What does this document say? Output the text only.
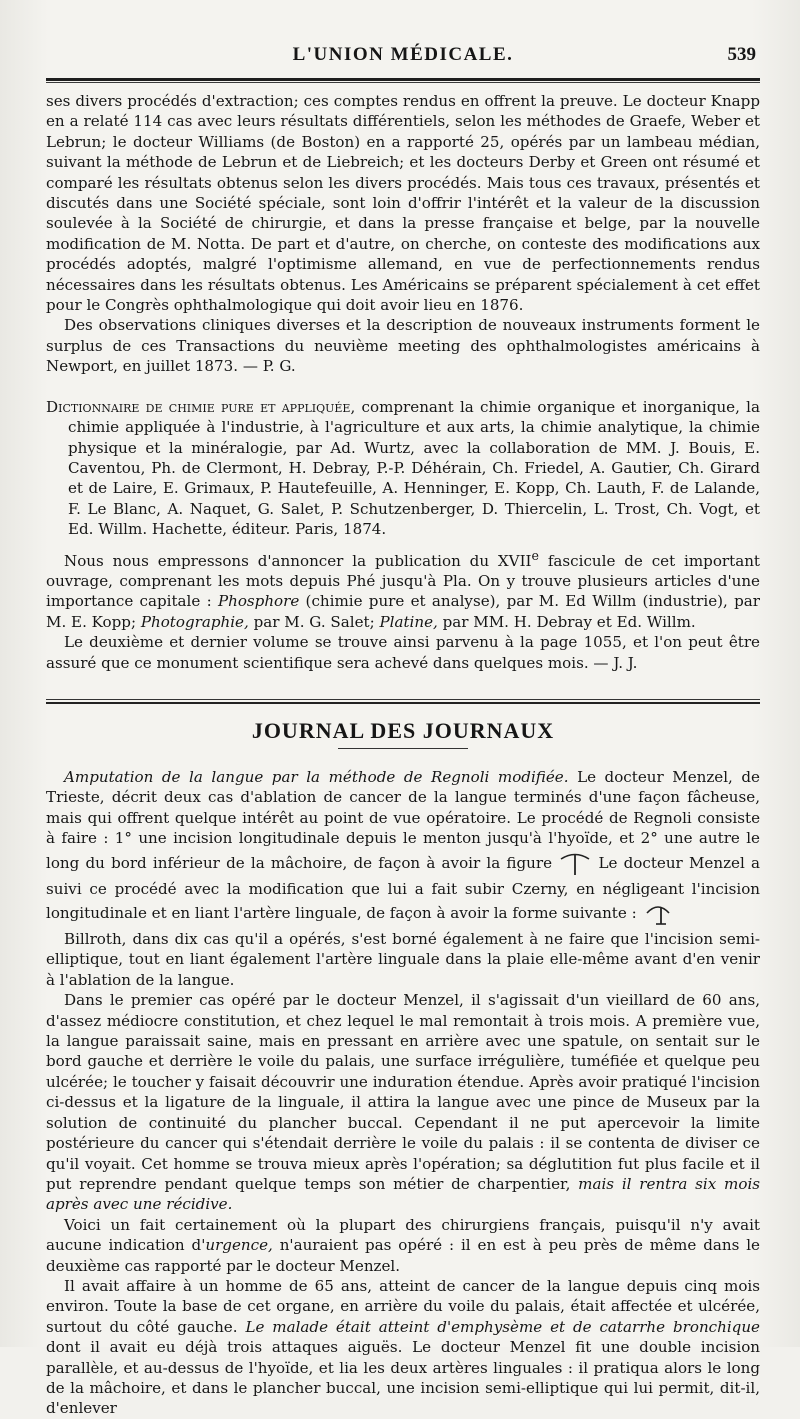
L'UNION MÉDICALE.	539

ses divers procédés d'extraction; ces comptes rendus en offrent la preuve. Le docteur Knapp en a relaté 114 cas avec leurs résultats différentiels, selon les méthodes de Graefe, Weber et Lebrun; le docteur Williams (de Boston) en a rapporté 25, opérés par un lambeau médian, suivant la méthode de Lebrun et de Liebreich; et les docteurs Derby et Green ont résumé et comparé les résultats obtenus selon les divers procédés. Mais tous ces travaux, présentés et discutés dans une Société spéciale, sont loin d'offrir l'intérêt et la valeur de la discussion soulevée à la Société de chirurgie, et dans la presse française et belge, par la nouvelle modification de M. Notta. De part et d'autre, on cherche, on conteste des modifications aux procédés adoptés, malgré l'optimisme allemand, en vue de perfectionnements rendus nécessaires dans les résultats obtenus. Les Américains se préparent spécialement à cet effet pour le Congrès ophthalmologique qui doit avoir lieu en 1876.

Des observations cliniques diverses et la description de nouveaux instruments forment le surplus de ces Transactions du neuvième meeting des ophthalmologistes américains à Newport, en juillet 1873. — P. G.

Dictionnaire de chimie pure et appliquée, comprenant la chimie organique et inorganique, la chimie appliquée à l'industrie, à l'agriculture et aux arts, la chimie analytique, la chimie physique et la minéralogie, par Ad. Wurtz, avec la collaboration de MM. J. Bouis, E. Caventou, Ph. de Clermont, H. Debray, P.-P. Déhérain, Ch. Friedel, A. Gautier, Ch. Girard et de Laire, E. Grimaux, P. Hautefeuille, A. Henninger, E. Kopp, Ch. Lauth, F. de Lalande, F. Le Blanc, A. Naquet, G. Salet, P. Schutzenberger, D. Thiercelin, L. Trost, Ch. Vogt, et Ed. Willm. Hachette, éditeur. Paris, 1874.

Nous nous empressons d'annoncer la publication du XVIIe fascicule de cet important ouvrage, comprenant les mots depuis Phé jusqu'à Pla. On y trouve plusieurs articles d'une importance capitale : Phosphore (chimie pure et analyse), par M. Ed Willm (industrie), par M. E. Kopp; Photographie, par M. G. Salet; Platine, par MM. H. Debray et Ed. Willm.

Le deuxième et dernier volume se trouve ainsi parvenu à la page 1055, et l'on peut être assuré que ce monument scientifique sera achevé dans quelques mois. — J. J.

JOURNAL DES JOURNAUX

Amputation de la langue par la méthode de Regnoli modifiée. Le docteur Menzel, de Trieste, décrit deux cas d'ablation de cancer de la langue terminés d'une façon fâcheuse, mais qui offrent quelque intérêt au point de vue opératoire. Le procédé de Regnoli consiste à faire : 1° une incision longitudinale depuis le menton jusqu'à l'hyoïde, et 2° une autre le long du bord inférieur de la mâchoire, de façon à avoir la figure	Le docteur Menzel a suivi ce procédé avec la modification que lui a fait subir Czerny, en négligeant l'incision longitudinale et en liant l'artère linguale, de façon à avoir la forme suivante :

Billroth, dans dix cas qu'il a opérés, s'est borné également à ne faire que l'incision semi-elliptique, tout en liant également l'artère linguale dans la plaie elle-même avant d'en venir à l'ablation de la langue.

Dans le premier cas opéré par le docteur Menzel, il s'agissait d'un vieillard de 60 ans, d'assez médiocre constitution, et chez lequel le mal remontait à trois mois. A première vue, la langue paraissait saine, mais en pressant en arrière avec une spatule, on sentait sur le bord gauche et derrière le voile du palais, une surface irrégulière, tuméfiée et quelque peu ulcérée; le toucher y faisait découvrir une induration étendue. Après avoir pratiqué l'incision ci-dessus et la ligature de la linguale, il attira la langue avec une pince de Museux par la solution de continuité du plancher buccal. Cependant il ne put apercevoir la limite postérieure du cancer qui s'étendait derrière le voile du palais : il se contenta de diviser ce qu'il voyait. Cet homme se trouva mieux après l'opération; sa déglutition fut plus facile et il put reprendre pendant quelque temps son métier de charpentier, mais il rentra six mois après avec une récidive.

Voici un fait certainement où la plupart des chirurgiens français, puisqu'il n'y avait aucune indication d'urgence, n'auraient pas opéré : il en est à peu près de même dans le deuxième cas rapporté par le docteur Menzel.

Il avait affaire à un homme de 65 ans, atteint de cancer de la langue depuis cinq mois environ. Toute la base de cet organe, en arrière du voile du palais, était affectée et ulcérée, surtout du côté gauche. Le malade était atteint d'emphysème et de catarrhe bronchique dont il avait eu déjà trois attaques aiguës. Le docteur Menzel fit une double incision parallèle, et au-dessus de l'hyoïde, et lia les deux artères linguales : il pratiqua alors le long de la mâchoire, et dans le plancher buccal, une incision semi-elliptique qui lui permit, dit-il, d'enlever
